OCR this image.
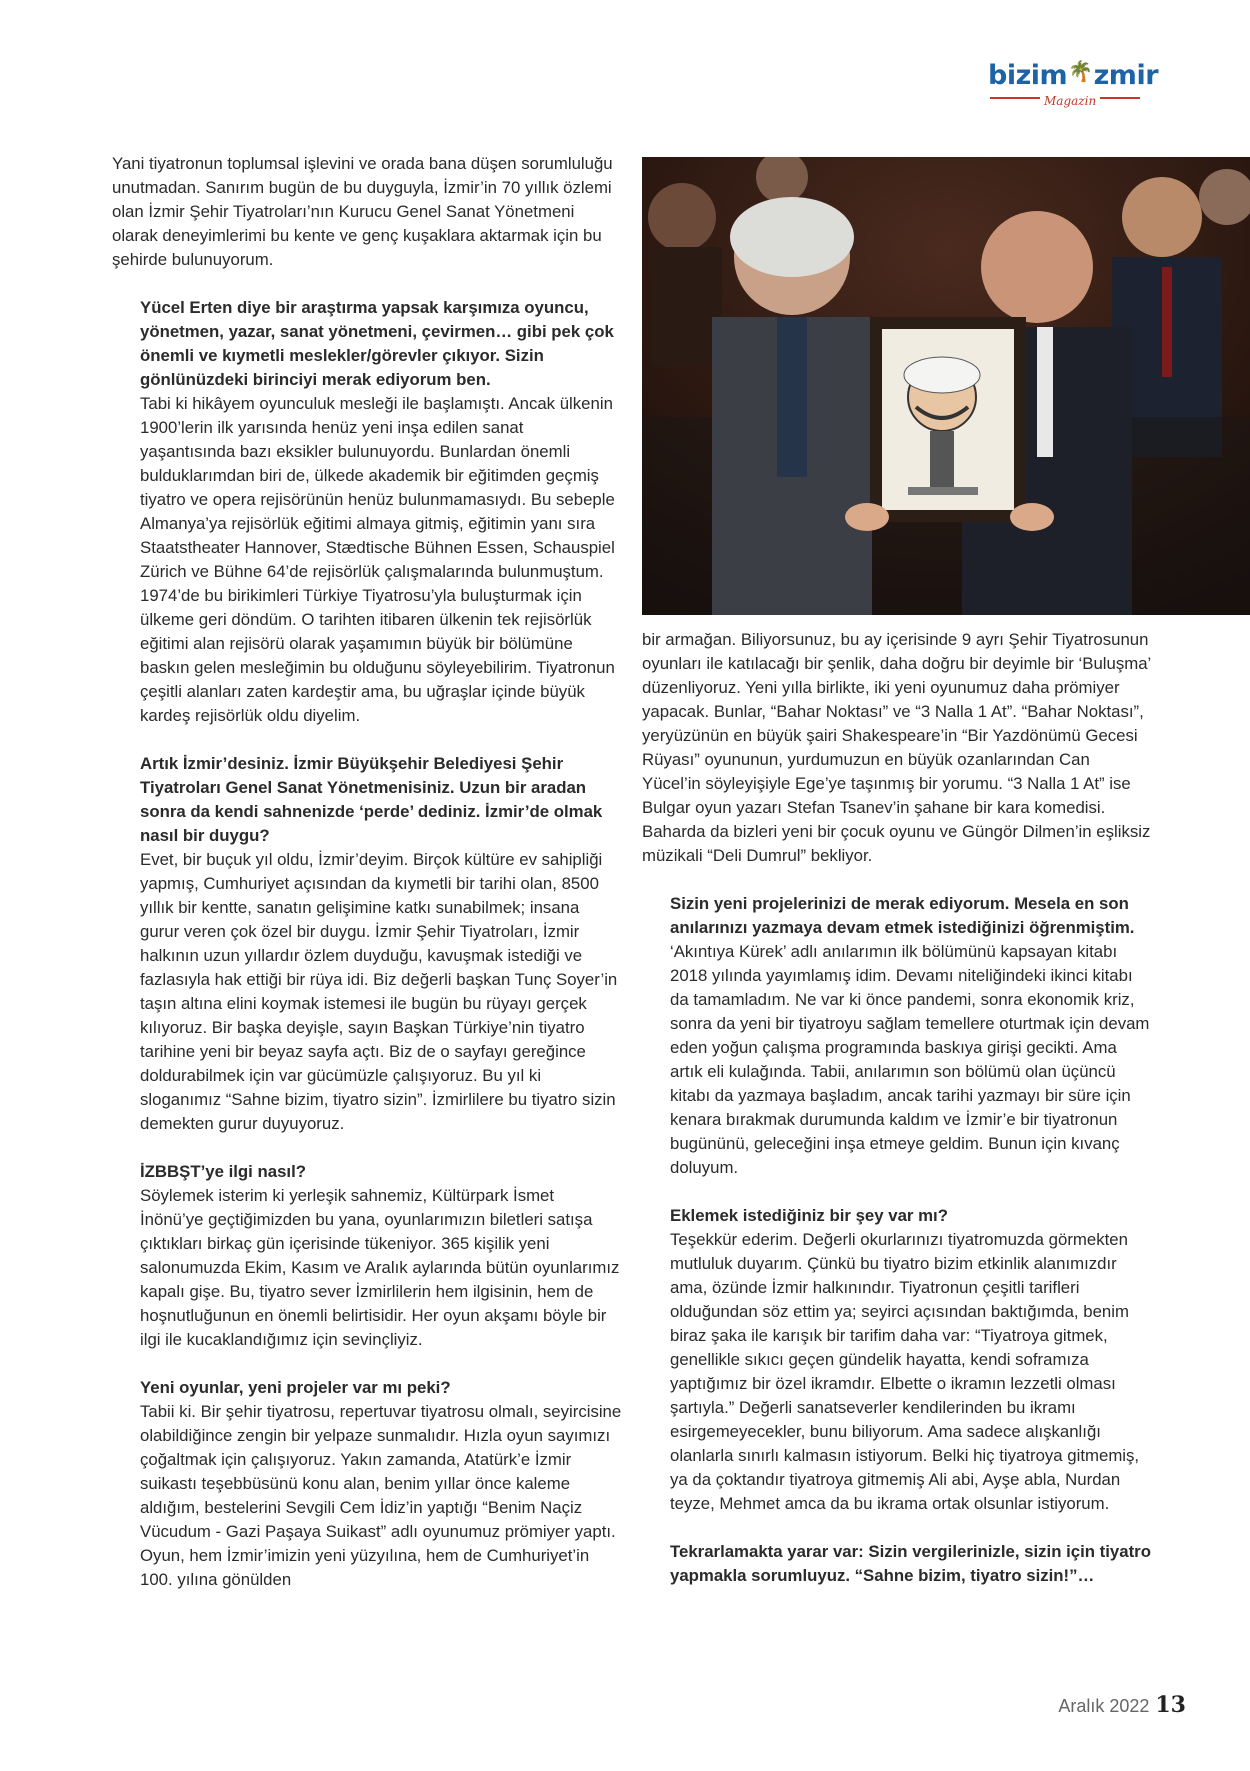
bizim🌴zmir
Magazin

Yani tiyatronun toplumsal işlevini ve orada bana düşen sorumluluğu unutmadan. Sanırım bugün de bu duyguyla, İzmir’in 70 yıllık özlemi olan İzmir Şehir Tiyatroları’nın Kurucu Genel Sanat Yönetmeni olarak deneyimlerimi bu kente ve genç kuşaklara aktarmak için bu şehirde bulunuyorum.

Yücel Erten diye bir araştırma yapsak karşımıza oyuncu, yönetmen, yazar, sanat yönetmeni, çevirmen… gibi pek çok önemli ve kıymetli meslekler/görevler çıkıyor. Sizin gönlünüzdeki birinciyi merak ediyorum ben.

Tabi ki hikâyem oyunculuk mesleği ile başlamıştı. Ancak ülkenin 1900’lerin ilk yarısında henüz yeni inşa edilen sanat yaşantısında bazı eksikler bulunuyordu. Bunlardan önemli bulduklarımdan biri de, ülkede akademik bir eğitimden geçmiş tiyatro ve opera rejisörünün henüz bulunmamasıydı. Bu sebeple Almanya’ya rejisörlük eğitimi almaya gitmiş, eğitimin yanı sıra Staatstheater Hannover, Stædtische Bühnen Essen, Schauspiel Zürich ve Bühne 64’de rejisörlük çalışmalarında bulunmuştum. 1974’de bu birikimleri Türkiye Tiyatrosu’yla buluşturmak için ülkeme geri döndüm. O tarihten itibaren ülkenin tek rejisörlük eğitimi alan rejisörü olarak yaşamımın büyük bir bölümüne baskın gelen mesleğimin bu olduğunu söyleyebilirim. Tiyatronun çeşitli alanları zaten kardeştir ama, bu uğraşlar içinde büyük kardeş rejisörlük oldu diyelim.

Artık İzmir’desiniz. İzmir Büyükşehir Belediyesi Şehir Tiyatroları Genel Sanat Yönetmenisiniz. Uzun bir aradan sonra da kendi sahnenizde ‘perde’ dediniz. İzmir’de olmak nasıl bir duygu?

Evet, bir buçuk yıl oldu, İzmir’deyim. Birçok kültüre ev sahipliği yapmış, Cumhuriyet açısından da kıymetli bir tarihi olan, 8500 yıllık bir kentte, sanatın gelişimine katkı sunabilmek; insana gurur veren çok özel bir duygu. İzmir Şehir Tiyatroları, İzmir halkının uzun yıllardır özlem duyduğu, kavuşmak istediği ve fazlasıyla hak ettiği bir rüya idi. Biz değerli başkan Tunç Soyer’in taşın altına elini koymak istemesi ile bugün bu rüyayı gerçek kılıyoruz. Bir başka deyişle, sayın Başkan Türkiye’nin tiyatro tarihine yeni bir beyaz sayfa açtı. Biz de o sayfayı gereğince doldurabilmek için var gücümüzle çalışıyoruz. Bu yıl ki sloganımız “Sahne bizim, tiyatro sizin”. İzmirlilere bu tiyatro sizin demekten gurur duyuyoruz.

İZBBŞT’ye ilgi nasıl?

Söylemek isterim ki yerleşik sahnemiz, Kültürpark İsmet İnönü’ye geçtiğimizden bu yana, oyunlarımızın biletleri satışa çıktıkları birkaç gün içerisinde tükeniyor. 365 kişilik yeni salonumuzda Ekim, Kasım ve Aralık aylarında bütün oyunlarımız kapalı gişe. Bu, tiyatro sever İzmirlilerin hem ilgisinin, hem de hoşnutluğunun en önemli belirtisidir. Her oyun akşamı böyle bir ilgi ile kucaklandığımız için sevinçliyiz.

Yeni oyunlar, yeni projeler var mı peki?

Tabii ki. Bir şehir tiyatrosu, repertuvar tiyatrosu olmalı, seyircisine olabildiğince zengin bir yelpaze sunmalıdır. Hızla oyun sayımızı çoğaltmak için çalışıyoruz. Yakın zamanda, Atatürk’e İzmir suikastı teşebbüsünü konu alan, benim yıllar önce kaleme aldığım, bestelerini Sevgili Cem İdiz’in yaptığı “Benim Naçiz Vücudum - Gazi Paşaya Suikast” adlı oyunumuz prömiyer yaptı. Oyun, hem İzmir’imizin yeni yüzyılına, hem de Cumhuriyet’in 100. yılına gönülden

bir armağan. Biliyorsunuz, bu ay içerisinde 9 ayrı Şehir Tiyatrosunun oyunları ile katılacağı bir şenlik, daha doğru bir deyimle bir ‘Buluşma’ düzenliyoruz. Yeni yılla birlikte, iki yeni oyunumuz daha prömiyer yapacak. Bunlar, “Bahar Noktası” ve “3 Nalla 1 At”. “Bahar Noktası”, yeryüzünün en büyük şairi Shakespeare’in “Bir Yazdönümü Gecesi Rüyası” oyununun, yurdumuzun en büyük ozanlarından Can Yücel’in söyleyişiyle Ege’ye taşınmış bir yorumu. “3 Nalla 1 At” ise Bulgar oyun yazarı Stefan Tsanev’in şahane bir kara komedisi. Baharda da bizleri yeni bir çocuk oyunu ve Güngör Dilmen’in eşliksiz müzikali “Deli Dumrul” bekliyor.

Sizin yeni projelerinizi de merak ediyorum. Mesela en son anılarınızı yazmaya devam etmek istediğinizi öğrenmiştim.

‘Akıntıya Kürek’ adlı anılarımın ilk bölümünü kapsayan kitabı 2018 yılında yayımlamış idim. Devamı niteliğindeki ikinci kitabı da tamamladım. Ne var ki önce pandemi, sonra ekonomik kriz, sonra da yeni bir tiyatroyu sağlam temellere oturtmak için devam eden yoğun çalışma programında baskıya girişi gecikti. Ama artık eli kulağında. Tabii, anılarımın son bölümü olan üçüncü kitabı da yazmaya başladım, ancak tarihi yazmayı bir süre için kenara bırakmak durumunda kaldım ve İzmir’e bir tiyatronun bugününü, geleceğini inşa etmeye geldim. Bunun için kıvanç doluyum.

Eklemek istediğiniz bir şey var mı?

Teşekkür ederim. Değerli okurlarınızı tiyatromuzda görmekten mutluluk duyarım. Çünkü bu tiyatro bizim etkinlik alanımızdır ama, özünde İzmir halkınındır. Tiyatronun çeşitli tarifleri olduğundan söz ettim ya; seyirci açısından baktığımda, benim biraz şaka ile karışık bir tarifim daha var: “Tiyatroya gitmek, genellikle sıkıcı geçen gündelik hayatta, kendi soframıza yaptığımız bir özel ikramdır. Elbette o ikramın lezzetli olması şartıyla.” Değerli sanatseverler kendilerinden bu ikramı esirgemeyecekler, bunu biliyorum. Ama sadece alışkanlığı olanlarla sınırlı kalmasın istiyorum. Belki hiç tiyatroya gitmemiş, ya da çoktandır tiyatroya gitmemiş Ali abi, Ayşe abla, Nurdan teyze, Mehmet amca da bu ikrama ortak olsunlar istiyorum.

Tekrarlamakta yarar var: Sizin vergilerinizle, sizin için tiyatro yapmakla sorumluyuz. “Sahne bizim, tiyatro sizin!”…

Aralık 2022 13
